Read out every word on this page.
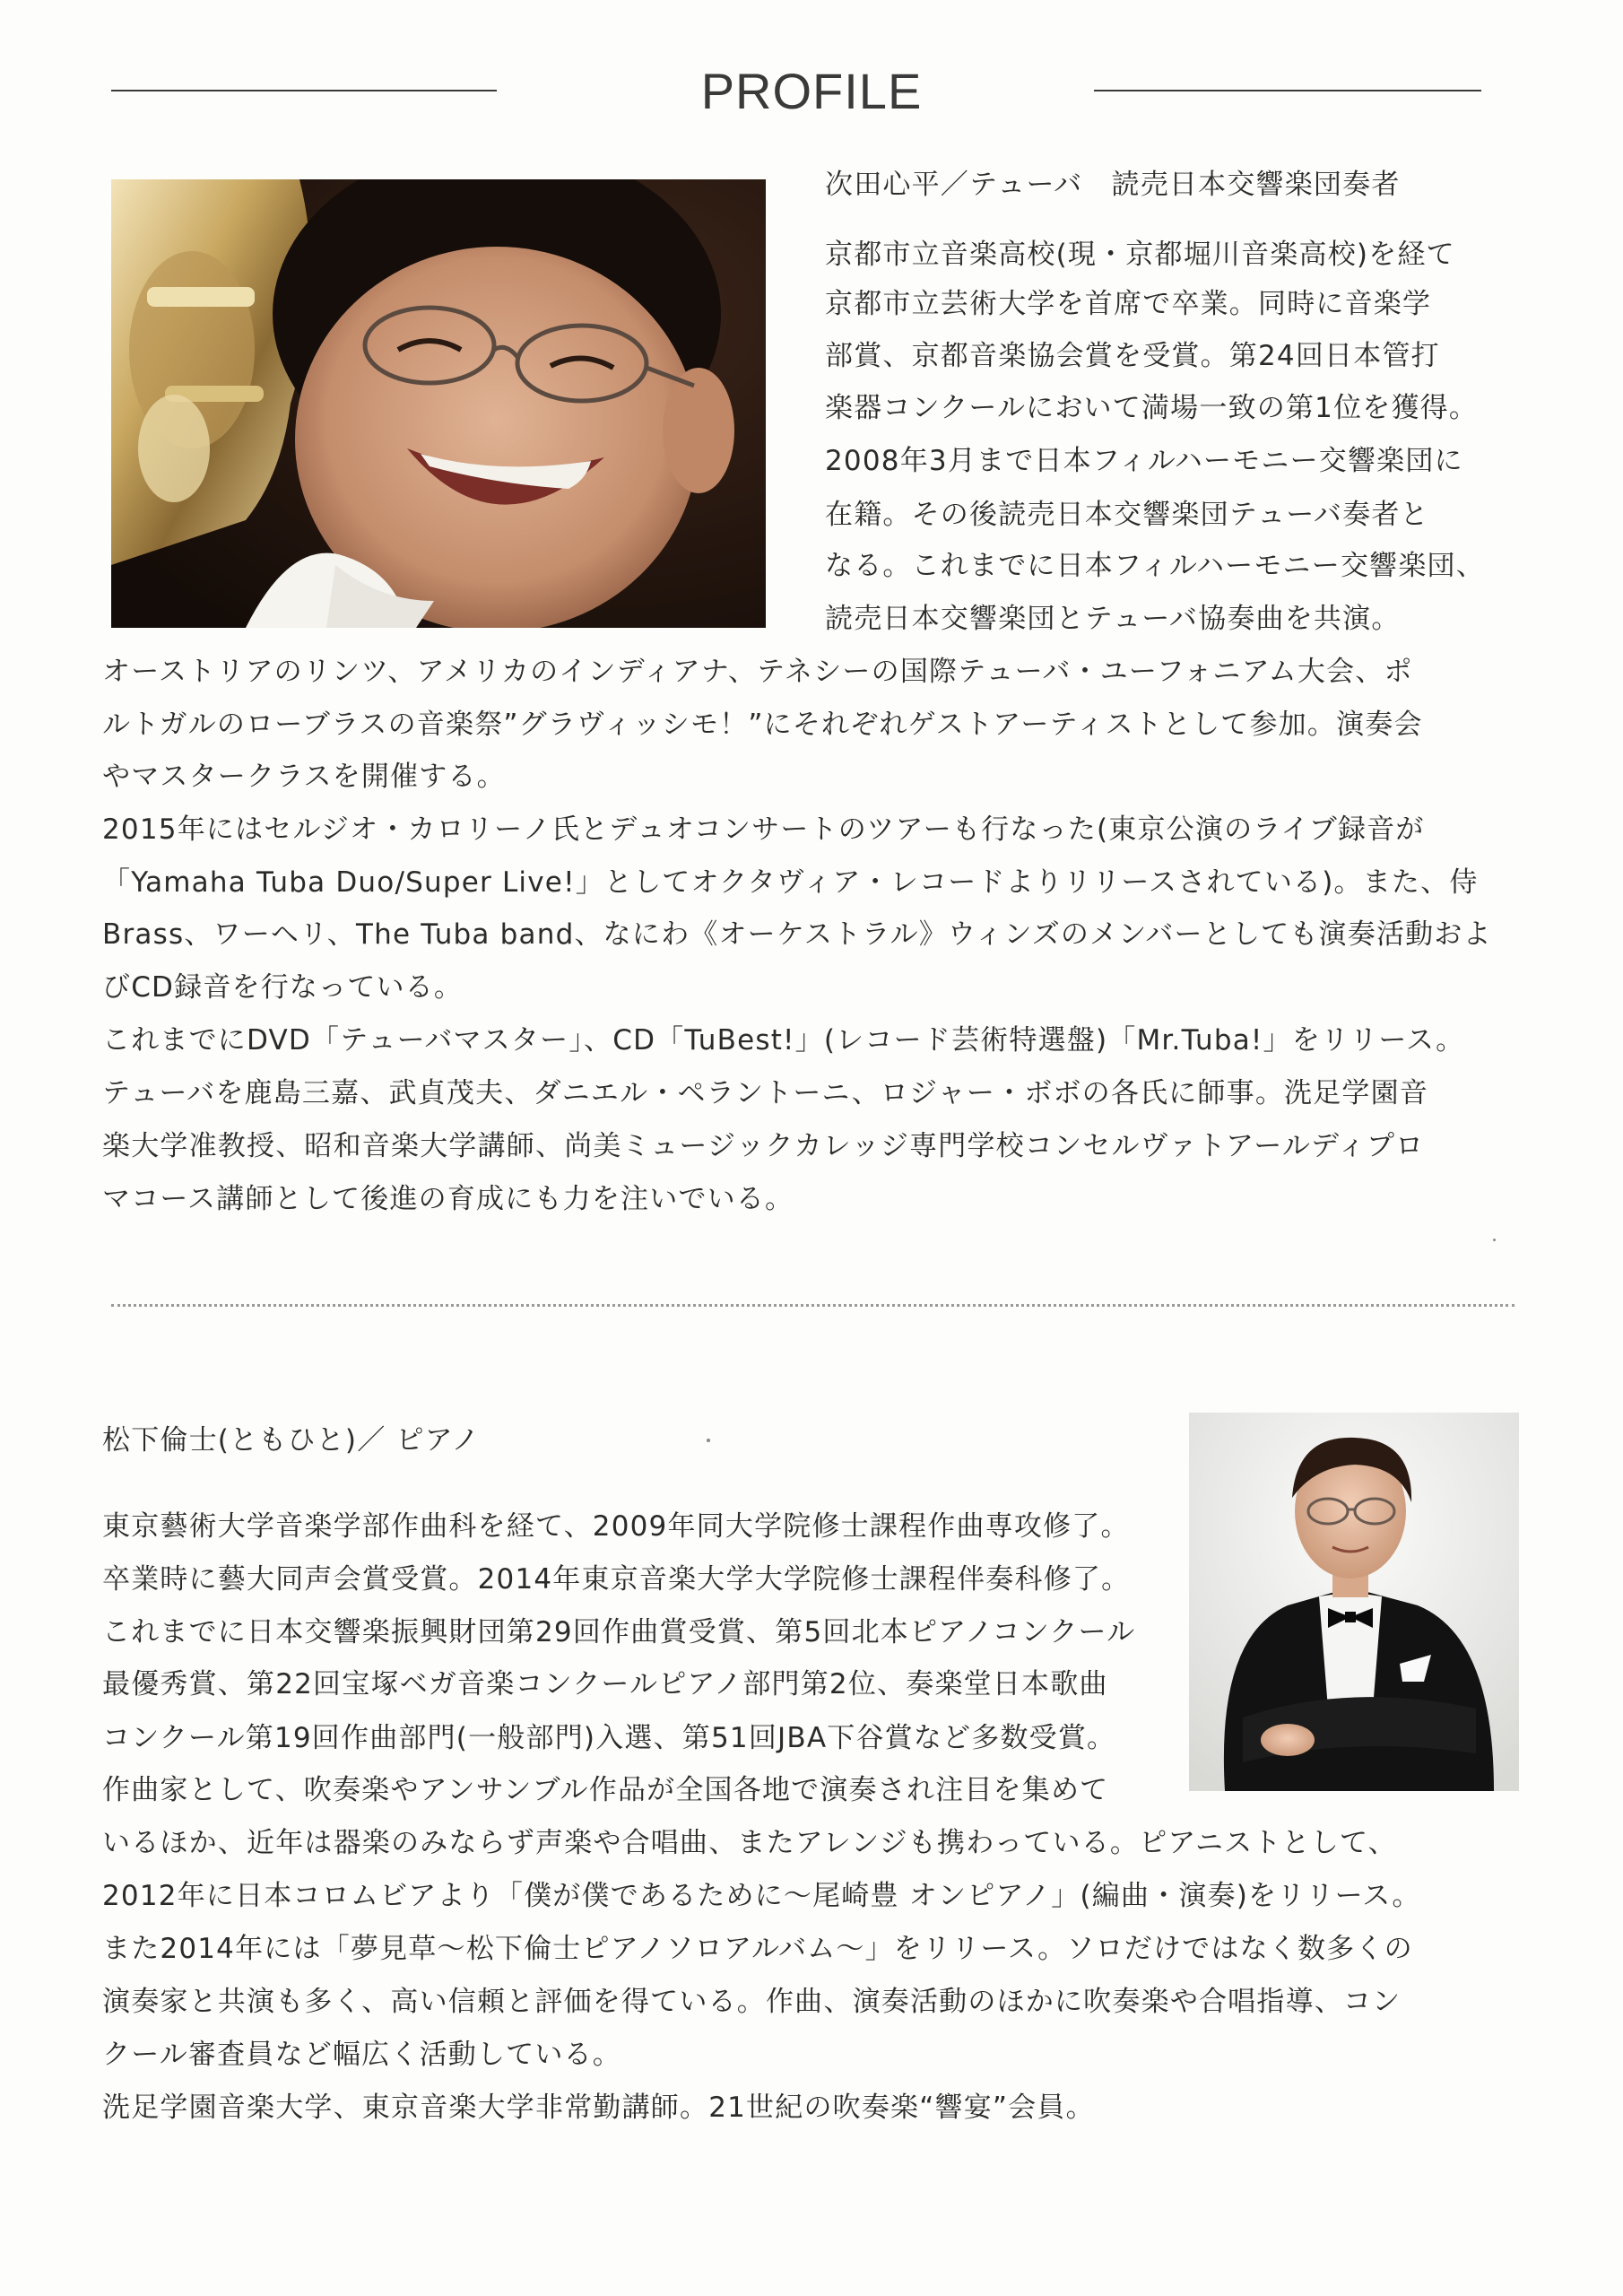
PROFILE
次田心平／テューバ　読売日本交響楽団奏者
京都市立音楽高校(現・京都堀川音楽高校)を経て
京都市立芸術大学を首席で卒業。同時に音楽学
部賞、京都音楽協会賞を受賞。第24回日本管打
楽器コンクールにおいて満場一致の第1位を獲得。
2008年3月まで日本フィルハーモニー交響楽団に
在籍。その後読売日本交響楽団テューバ奏者と
なる。これまでに日本フィルハーモニー交響楽団、
読売日本交響楽団とテューバ協奏曲を共演。
オーストリアのリンツ、アメリカのインディアナ、テネシーの国際テューバ・ユーフォニアム大会、ポ
ルトガルのローブラスの音楽祭”グラヴィッシモ！”にそれぞれゲストアーティストとして参加。演奏会
やマスタークラスを開催する。
2015年にはセルジオ・カロリーノ氏とデュオコンサートのツアーも行なった(東京公演のライブ録音が
「Yamaha Tuba Duo/Super Live!」としてオクタヴィア・レコードよりリリースされている)。また、侍
Brass、ワーヘリ、The Tuba band、なにわ《オーケストラル》ウィンズのメンバーとしても演奏活動およ
びCD録音を行なっている。
これまでにDVD「テューバマスター」、CD「TuBest!」(レコード芸術特選盤)「Mr.Tuba!」をリリース。
テューバを鹿島三嘉、武貞茂夫、ダニエル・ペラントーニ、ロジャー・ボボの各氏に師事。洗足学園音
楽大学准教授、昭和音楽大学講師、尚美ミュージックカレッジ専門学校コンセルヴァトアールディプロ
マコース講師として後進の育成にも力を注いでいる。
松下倫士(ともひと)／ ピアノ
東京藝術大学音楽学部作曲科を経て、2009年同大学院修士課程作曲専攻修了。
卒業時に藝大同声会賞受賞。2014年東京音楽大学大学院修士課程伴奏科修了。
これまでに日本交響楽振興財団第29回作曲賞受賞、第5回北本ピアノコンクール
最優秀賞、第22回宝塚ベガ音楽コンクールピアノ部門第2位、奏楽堂日本歌曲
コンクール第19回作曲部門(一般部門)入選、第51回JBA下谷賞など多数受賞。
作曲家として、吹奏楽やアンサンブル作品が全国各地で演奏され注目を集めて
いるほか、近年は器楽のみならず声楽や合唱曲、またアレンジも携わっている。ピアニストとして、
2012年に日本コロムビアより「僕が僕であるために～尾崎豊 オンピアノ」(編曲・演奏)をリリース。
また2014年には「夢見草～松下倫士ピアノソロアルバム～」をリリース。ソロだけではなく数多くの
演奏家と共演も多く、高い信頼と評価を得ている。作曲、演奏活動のほかに吹奏楽や合唱指導、コン
クール審査員など幅広く活動している。
洗足学園音楽大学、東京音楽大学非常勤講師。21世紀の吹奏楽“響宴”会員。
